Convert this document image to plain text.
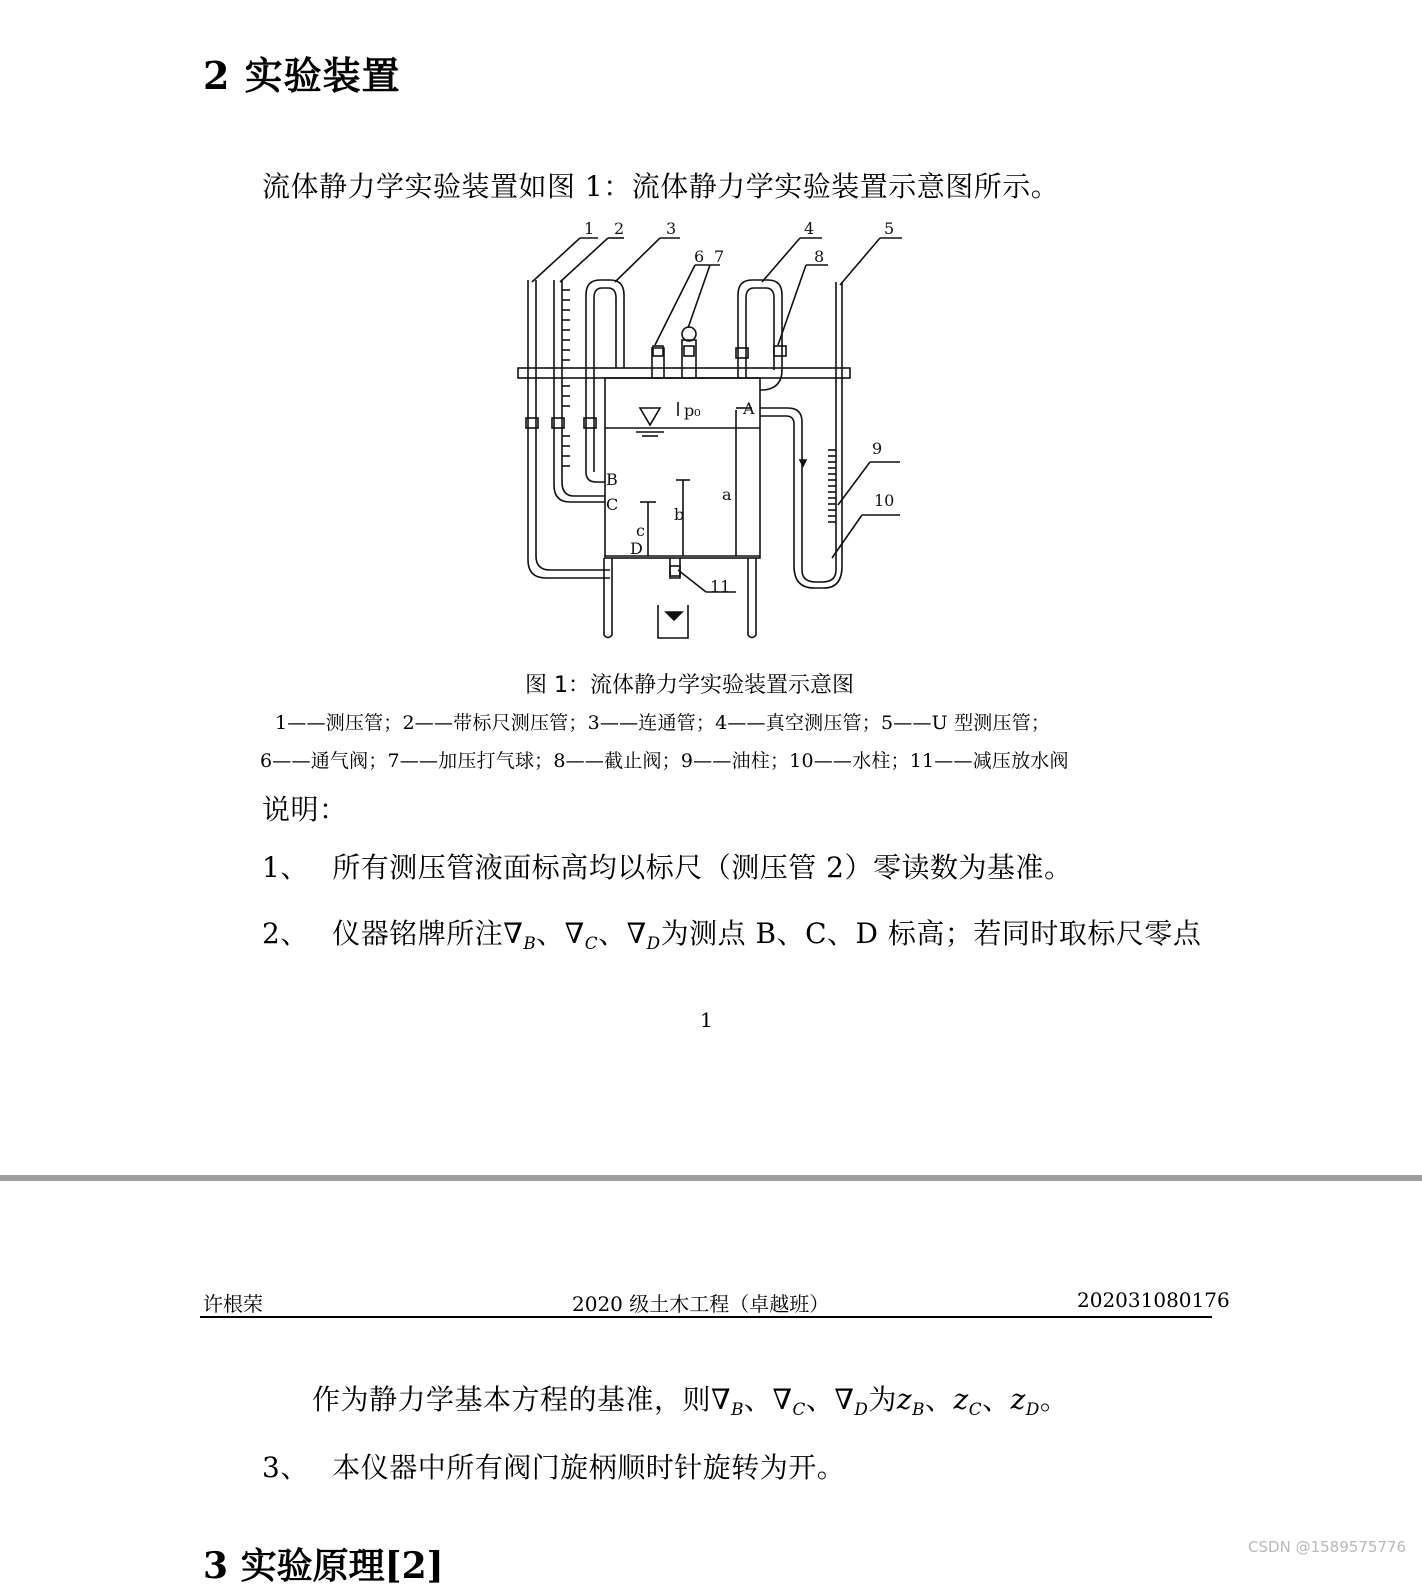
2 实验装置
流体静力学实验装置如图 1：流体静力学实验装置示意图所示。
1 2	3
6 7
4
8
5
9
10
11
p₀	A
a
b
c
B
C
D
图 1：流体静力学实验装置示意图
1——测压管；2——带标尺测压管；3——连通管；4——真空测压管；5——U 型测压管；
6——通气阀；7——加压打气球；8——截止阀；9——油柱；10——水柱；11——减压放水阀
说明：
1、 所有测压管液面标高均以标尺（测压管 2）零读数为基准。
2、 仪器铭牌所注$\nabla_B$、$\nabla_C$、$\nabla_D$为测点 B、C、D 标高；若同时取标尺零点
1
许根荣	2020 级土木工程（卓越班）	202031080176
作为静力学基本方程的基准，则$\nabla_B$、$\nabla_C$、$\nabla_D$为$z_B$、$z_C$、$z_D$。
3、 本仪器中所有阀门旋柄顺时针旋转为开。
3 实验原理[2]	CSDN @1589575776
